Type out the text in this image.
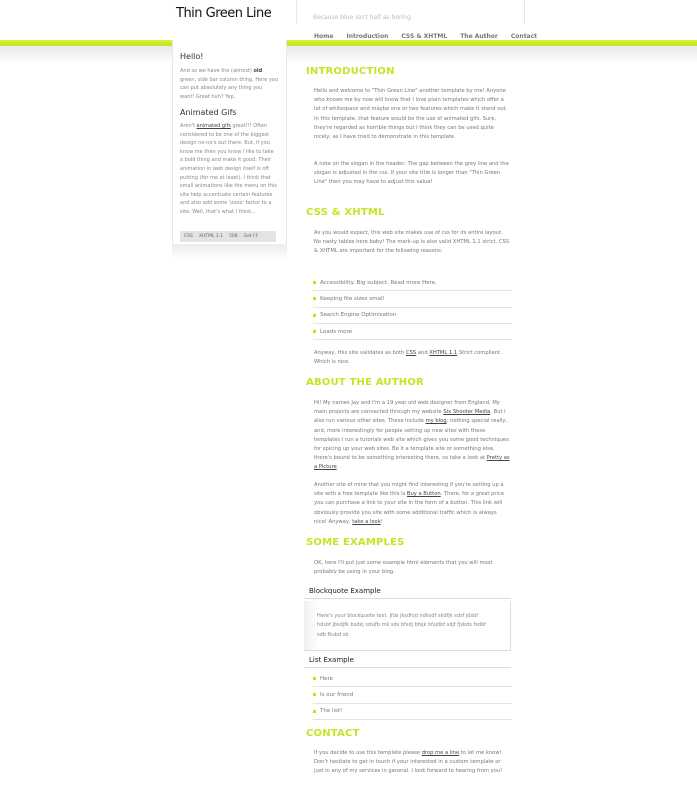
Thin Green Line	Because blue isn't half as boring.
Home Introduction CSS & XHTML The Author Contact
Hello!
And so we have the (almost) old green, side bar column thing. Here you can put absolutely any thing you want! Great huh? Yep.
Animated Gifs
Aren't animated gifs great!!! Often considered to be one of the biggest design no-no's out there. But, if you know me then you know I like to take a bold thing and make it good. Their animation in web design itself is off putting (for me at least). I think that small animations like the menu on this site help accentuate certain features and also add some 'oooo' factor to a site. Well, that's what I think...
CSS XHTML 1.1 508 Get FF
INTRODUCTION
Hello and welcome to "Thin Green Line" another template by me! Anyone who knows me by now will know that I love plain templates which offer a lot of whitespace and maybe one or two features which make it stand out. In this template, that feature would be the use of animated gifs. Sure, they're regarded as horrible things but I think they can be used quite nicely, as I have tried to demonstrate in this template.
A note on the slogan in the header: The gap between the grey line and the slogan is adjusted in the css. If your site title is longer than "Thin Green Line" then you may have to adjust this value!
CSS & XHTML
As you would expect, this web site makes use of css for its entire layout. No nasty tables here baby! The mark-up is also valid XHTML 1.1 strict. CSS & XHTML are important for the following reasons:
Accessibility. Big subject. Read more Here.
Keeping file sizes small
Search Engine Optimisation
Loads more
Anyway, this site validates as both CSS and XHTML 1.1 Strict compliant. Which is nice.
ABOUT THE AUTHOR
Hi! My names Jay and I'm a 19 year old web designer from England. My main projects are connected through my website Six Shooter Media. But I also run various other sites. These include my blog, nothing special really, and, more interestingly for people setting up new sites with these templates I run a tutorials web site which gives you some good techniques for spicing up your web sites. Be it a template site or something else, there's bound to be something interesting there, so take a look at Pretty as a Picture.
Another site of mine that you might find interesting if you're setting up a site with a free template like this is Buy a Button. There, for a great price you can purchase a link to your site in the form of a button. This link will obviously provide you site with some additional traffic which is always nice! Anyway, take a look!
SOME EXAMPLES
OK, here I'll put just some example html elements that you will most probably be using in your blog.
Blockquote Example
Here's your blockquote text. jfds jksdhjd ndksdf skdfjk sdsf jdsbf hdsbf jbsdjfk bsdkj sdsjfb mk sds bfsdj bfsjk bfsjdbf sdjf fjsbds fsdbf sdb fksbd sb
List Example
Here
Is our friend
The list!
CONTACT
If you decide to use this template please drop me a line to let me know! Don't hesitate to get in touch if your interested in a custom template or just in any of my services in general. I look forward to hearing from you!
